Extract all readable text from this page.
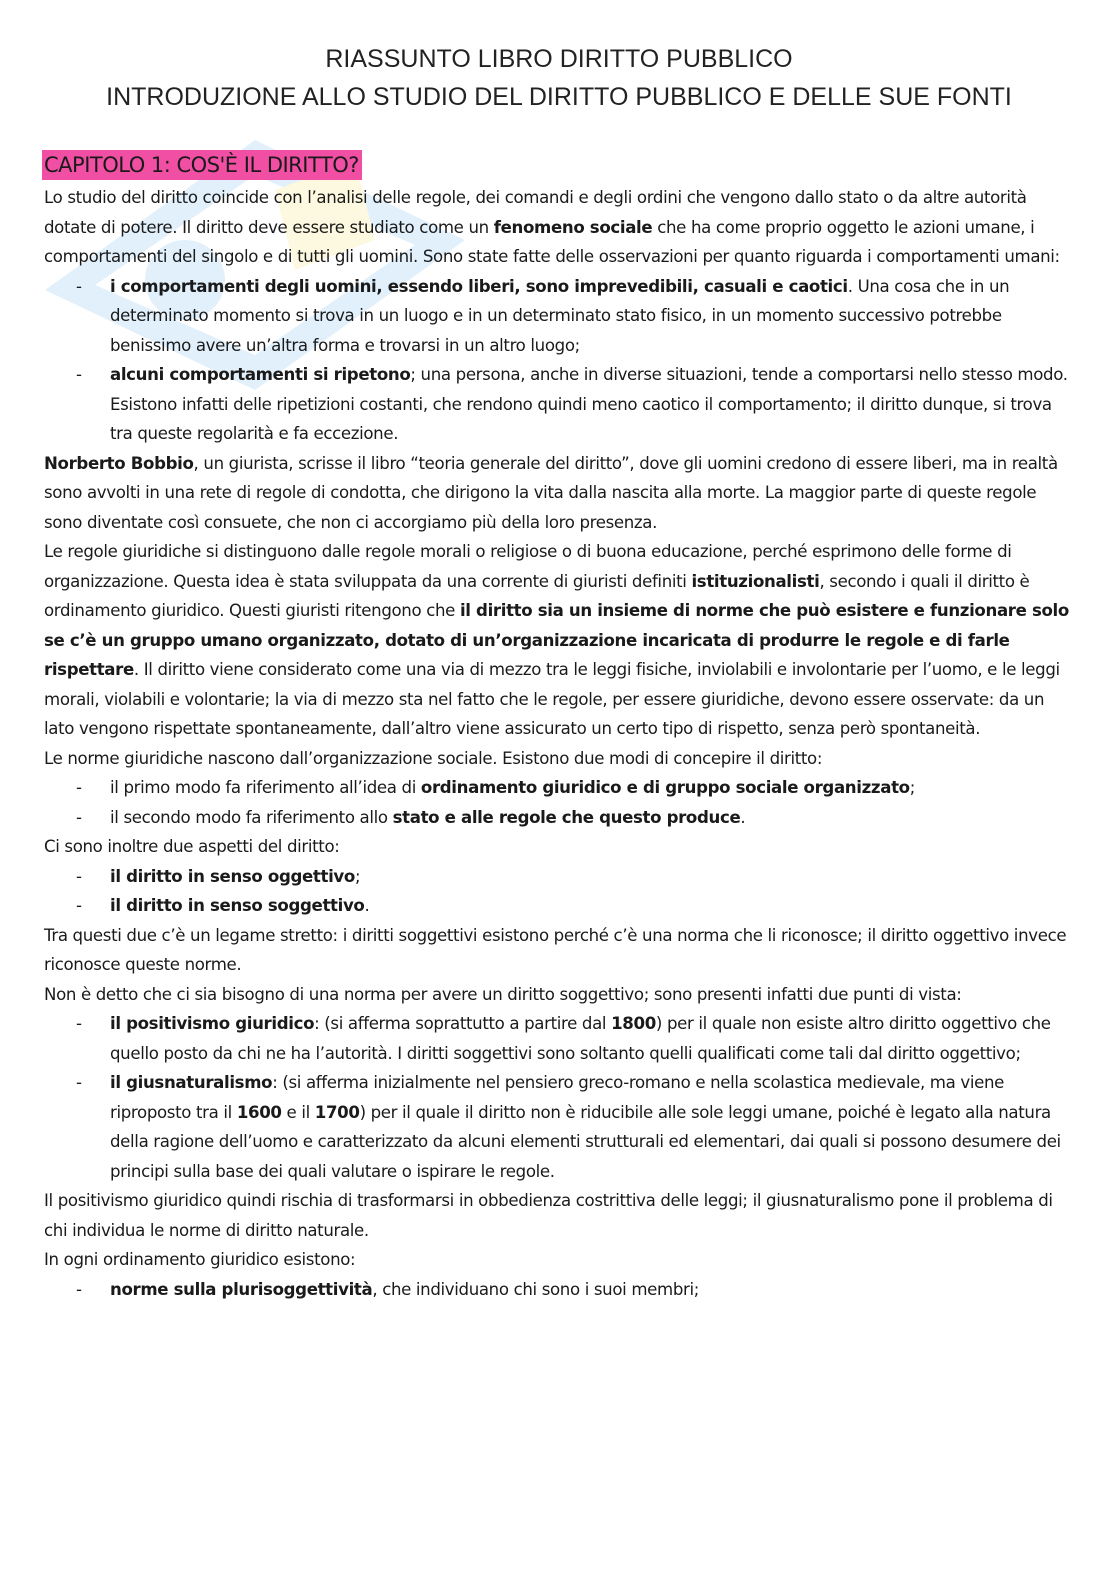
RIASSUNTO LIBRO DIRITTO PUBBLICO
INTRODUZIONE ALLO STUDIO DEL DIRITTO PUBBLICO E DELLE SUE FONTI
CAPITOLO 1: COS'È IL DIRITTO?

Lo studio del diritto coincide con l’analisi delle regole, dei comandi e degli ordini che vengono dallo stato o da altre autorità dotate di potere. Il diritto deve essere studiato come un fenomeno sociale che ha come proprio oggetto le azioni umane, i comportamenti del singolo e di tutti gli uomini. Sono state fatte delle osservazioni per quanto riguarda i comportamenti umani:

- i comportamenti degli uomini, essendo liberi, sono imprevedibili, casuali e caotici. Una cosa che in un determinato momento si trova in un luogo e in un determinato stato fisico, in un momento successivo potrebbe benissimo avere un’altra forma e trovarsi in un altro luogo;
- alcuni comportamenti si ripetono; una persona, anche in diverse situazioni, tende a comportarsi nello stesso modo. Esistono infatti delle ripetizioni costanti, che rendono quindi meno caotico il comportamento; il diritto dunque, si trova tra queste regolarità e fa eccezione.

Norberto Bobbio, un giurista, scrisse il libro “teoria generale del diritto”, dove gli uomini credono di essere liberi, ma in realtà sono avvolti in una rete di regole di condotta, che dirigono la vita dalla nascita alla morte. La maggior parte di queste regole sono diventate così consuete, che non ci accorgiamo più della loro presenza.

Le regole giuridiche si distinguono dalle regole morali o religiose o di buona educazione, perché esprimono delle forme di organizzazione. Questa idea è stata sviluppata da una corrente di giuristi definiti istituzionalisti, secondo i quali il diritto è ordinamento giuridico. Questi giuristi ritengono che il diritto sia un insieme di norme che può esistere e funzionare solo se c’è un gruppo umano organizzato, dotato di un’organizzazione incaricata di produrre le regole e di farle rispettare. Il diritto viene considerato come una via di mezzo tra le leggi fisiche, inviolabili e involontarie per l’uomo, e le leggi morali, violabili e volontarie; la via di mezzo sta nel fatto che le regole, per essere giuridiche, devono essere osservate: da un lato vengono rispettate spontaneamente, dall’altro viene assicurato un certo tipo di rispetto, senza però spontaneità.

Le norme giuridiche nascono dall’organizzazione sociale. Esistono due modi di concepire il diritto:

- il primo modo fa riferimento all’idea di ordinamento giuridico e di gruppo sociale organizzato;
- il secondo modo fa riferimento allo stato e alle regole che questo produce.

Ci sono inoltre due aspetti del diritto:

- il diritto in senso oggettivo;
- il diritto in senso soggettivo.

Tra questi due c’è un legame stretto: i diritti soggettivi esistono perché c’è una norma che li riconosce; il diritto oggettivo invece riconosce queste norme.

Non è detto che ci sia bisogno di una norma per avere un diritto soggettivo; sono presenti infatti due punti di vista:

- il positivismo giuridico: (si afferma soprattutto a partire dal 1800) per il quale non esiste altro diritto oggettivo che quello posto da chi ne ha l’autorità. I diritti soggettivi sono soltanto quelli qualificati come tali dal diritto oggettivo;
- il giusnaturalismo: (si afferma inizialmente nel pensiero greco-romano e nella scolastica medievale, ma viene riproposto tra il 1600 e il 1700) per il quale il diritto non è riducibile alle sole leggi umane, poiché è legato alla natura della ragione dell’uomo e caratterizzato da alcuni elementi strutturali ed elementari, dai quali si possono desumere dei principi sulla base dei quali valutare o ispirare le regole.

Il positivismo giuridico quindi rischia di trasformarsi in obbedienza costrittiva delle leggi; il giusnaturalismo pone il problema di chi individua le norme di diritto naturale.

In ogni ordinamento giuridico esistono:

- norme sulla plurisoggettività, che individuano chi sono i suoi membri;
